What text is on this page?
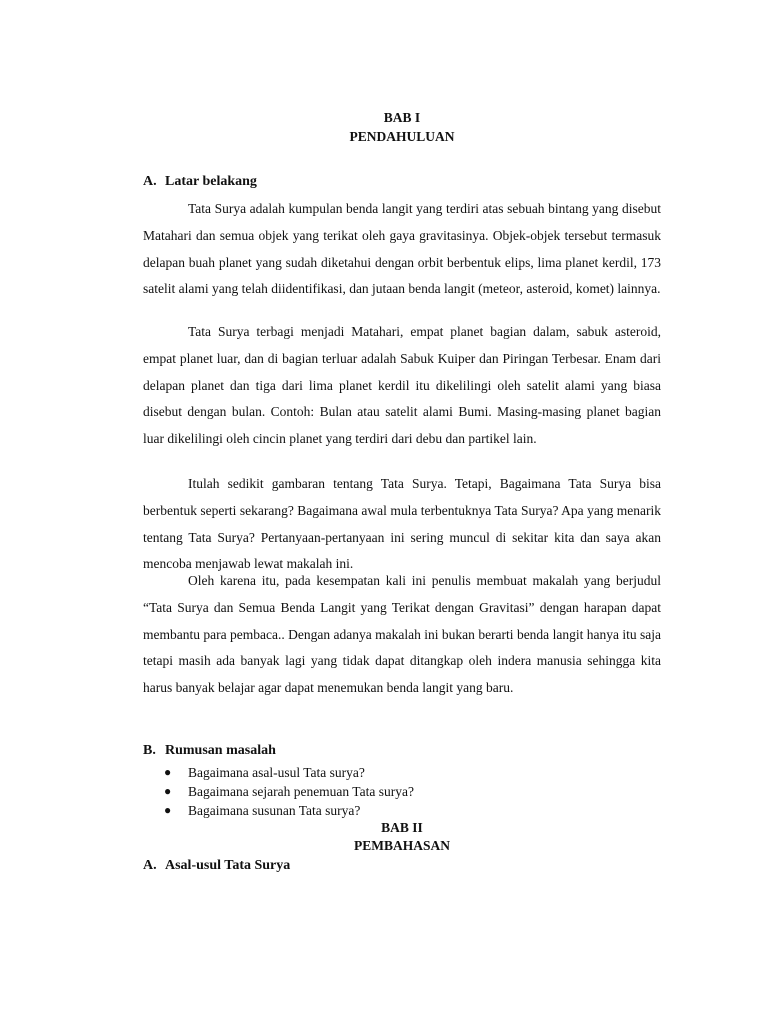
BAB I
PENDAHULUAN
A. Latar belakang
Tata Surya adalah kumpulan benda langit yang terdiri atas sebuah bintang yang disebut Matahari dan semua objek yang terikat oleh gaya gravitasinya. Objek-objek tersebut termasuk delapan buah planet yang sudah diketahui dengan orbit berbentuk elips, lima planet kerdil, 173 satelit alami yang telah diidentifikasi, dan jutaan benda langit (meteor, asteroid, komet) lainnya.
Tata Surya terbagi menjadi Matahari, empat planet bagian dalam, sabuk asteroid, empat planet luar, dan di bagian terluar adalah Sabuk Kuiper dan Piringan Terbesar. Enam dari delapan planet dan tiga dari lima planet kerdil itu dikelilingi oleh satelit alami yang biasa disebut dengan bulan. Contoh: Bulan atau satelit alami Bumi. Masing-masing planet bagian luar dikelilingi oleh cincin planet yang terdiri dari debu dan partikel lain.
Itulah sedikit gambaran tentang Tata Surya. Tetapi, Bagaimana Tata Surya bisa berbentuk seperti sekarang? Bagaimana awal mula terbentuknya Tata Surya? Apa yang menarik tentang Tata Surya? Pertanyaan-pertanyaan ini sering muncul di sekitar kita dan saya akan mencoba menjawab lewat makalah ini.
Oleh karena itu, pada kesempatan kali ini penulis membuat makalah yang berjudul “Tata Surya dan Semua Benda Langit yang Terikat dengan Gravitasi” dengan harapan dapat membantu para pembaca.. Dengan adanya makalah ini bukan berarti benda langit hanya itu saja tetapi masih ada banyak lagi yang tidak dapat ditangkap oleh indera manusia sehingga kita harus banyak belajar agar dapat menemukan benda langit yang baru.
B. Rumusan masalah
● Bagaimana asal-usul Tata surya?
● Bagaimana sejarah penemuan Tata surya?
● Bagaimana susunan Tata surya?
BAB II
PEMBAHASAN
A. Asal-usul Tata Surya
